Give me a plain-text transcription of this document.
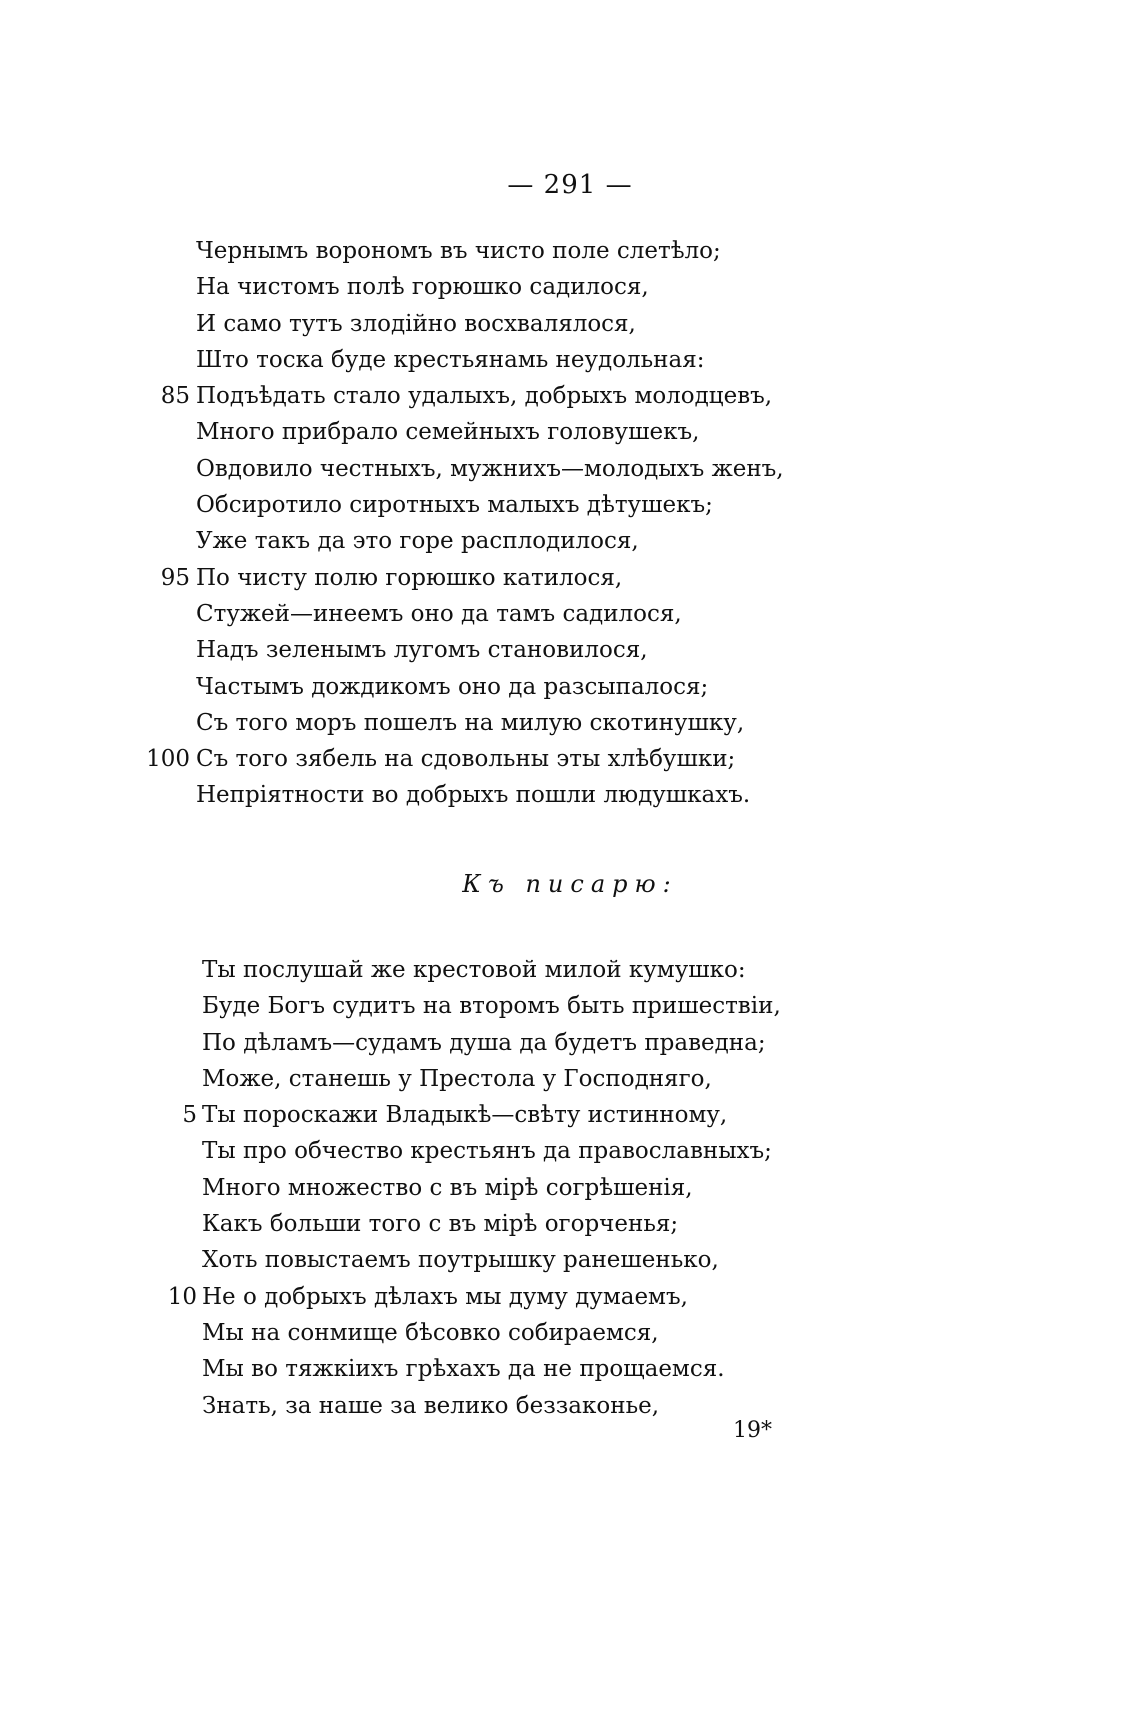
— 291 —
Чернымъ ворономъ въ чисто поле слетѣло;
На чистомъ полѣ горюшко садилося,
И само тутъ злодійно восхвалялося,
Што тоска буде крестьянамь неудольная:
85 Подъѣдать стало удалыхъ, добрыхъ молодцевъ,
Много прибрало семейныхъ головушекъ,
Овдовило честныхъ, мужнихъ—молодыхъ женъ,
Обсиротило сиротныхъ малыхъ дѣтушекъ;
Уже такъ да это горе расплодилося,
95 По чисту полю горюшко катилося,
Стужей—инеемъ оно да тамъ садилося,
Надъ зеленымъ лугомъ становилося,
Частымъ дождикомъ оно да разсыпалося;
Съ того моръ пошелъ на милую скотинушку,
100 Съ того зябель на сдовольны эты хлѣбушки;
Непріятности во добрыхъ пошли людушкахъ.
Къ писарю:
Ты послушай же крестовой милой кумушко:
Буде Богъ судитъ на второмъ быть пришествіи,
По дѣламъ—судамъ душа да будетъ праведна;
Може, станешь у Престола у Господняго,
5 Ты пороскажи Владыкѣ—свѣту истинному,
Ты про обчество крестьянъ да православныхъ;
Много множество с въ мірѣ согрѣшенія,
Какъ больши того с въ мірѣ огорченья;
Хоть повыстаемъ поутрышку ранешенько,
10 Не о добрыхъ дѣлахъ мы думу думаемъ,
Мы на сонмище бѣсовко собираемся,
Мы во тяжкіихъ грѣхахъ да не прощаемся.
Знать, за наше за велико беззаконье,
19*
